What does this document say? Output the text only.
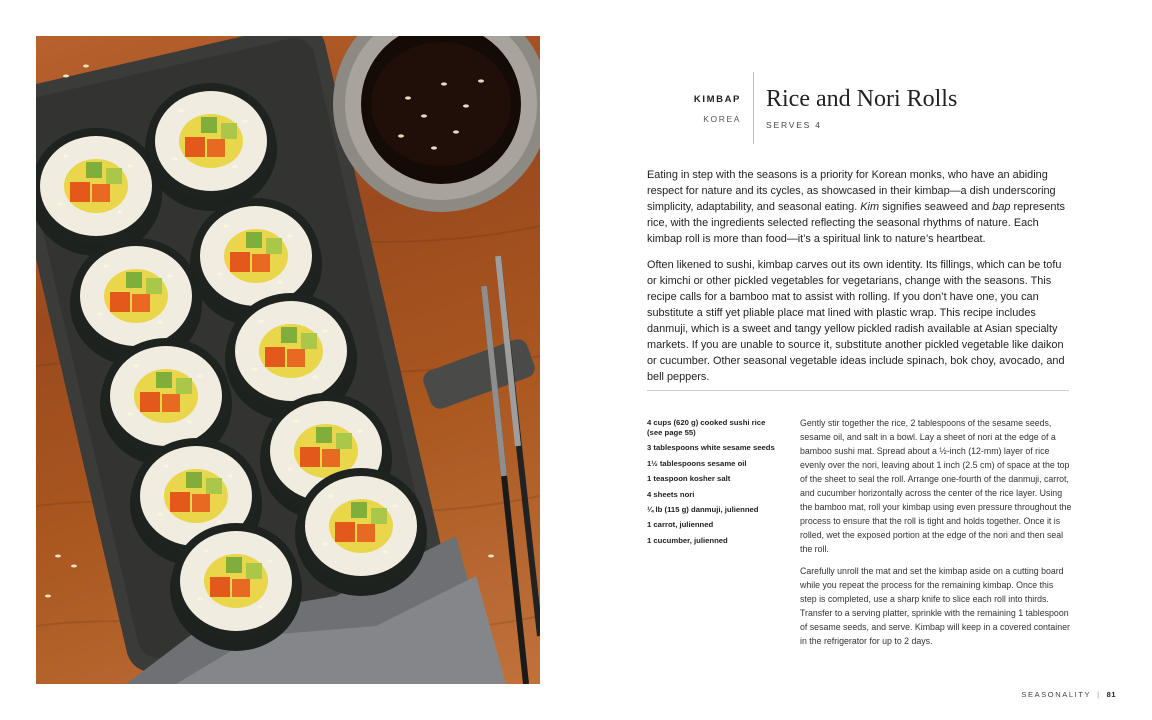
KIMBAP
KOREA
Rice and Nori Rolls
SERVES 4

Eating in step with the seasons is a priority for Korean monks, who have an abiding respect for nature and its cycles, as showcased in their kimbap—a dish underscoring simplicity, adaptability, and seasonal eating. Kim signifies seaweed and bap represents rice, with the ingredients selected reflecting the seasonal rhythms of nature. Each kimbap roll is more than food—it’s a spiritual link to nature’s heartbeat.

Often likened to sushi, kimbap carves out its own identity. Its fillings, which can be tofu or kimchi or other pickled vegetables for vegetarians, change with the seasons. This recipe calls for a bamboo mat to assist with rolling. If you don’t have one, you can substitute a stiff yet pliable place mat lined with plastic wrap. This recipe includes danmuji, which is a sweet and tangy yellow pickled radish available at Asian specialty markets. If you are unable to source it, substitute another pickled vegetable like daikon or cucumber. Other seasonal vegetable ideas include spinach, bok choy, avocado, and bell peppers.

4 cups (620 g) cooked sushi rice (see page 55)
3 tablespoons white sesame seeds
1½ tablespoons sesame oil
1 teaspoon kosher salt
4 sheets nori
¼ lb (115 g) danmuji, julienned
1 carrot, julienned
1 cucumber, julienned

Gently stir together the rice, 2 tablespoons of the sesame seeds, sesame oil, and salt in a bowl. Lay a sheet of nori at the edge of a bamboo sushi mat. Spread about a ½-inch (12-mm) layer of rice evenly over the nori, leaving about 1 inch (2.5 cm) of space at the top of the sheet to seal the roll. Arrange one-fourth of the danmuji, carrot, and cucumber horizontally across the center of the rice layer. Using the bamboo mat, roll your kimbap using even pressure throughout the process to ensure that the roll is tight and holds together. Once it is rolled, wet the exposed portion at the edge of the nori and then seal the roll.

Carefully unroll the mat and set the kimbap aside on a cutting board while you repeat the process for the remaining kimbap. Once this step is completed, use a sharp knife to slice each roll into thirds. Transfer to a serving platter, sprinkle with the remaining 1 tablespoon of sesame seeds, and serve. Kimbap will keep in a covered container in the refrigerator for up to 2 days.

SEASONALITY | 81
